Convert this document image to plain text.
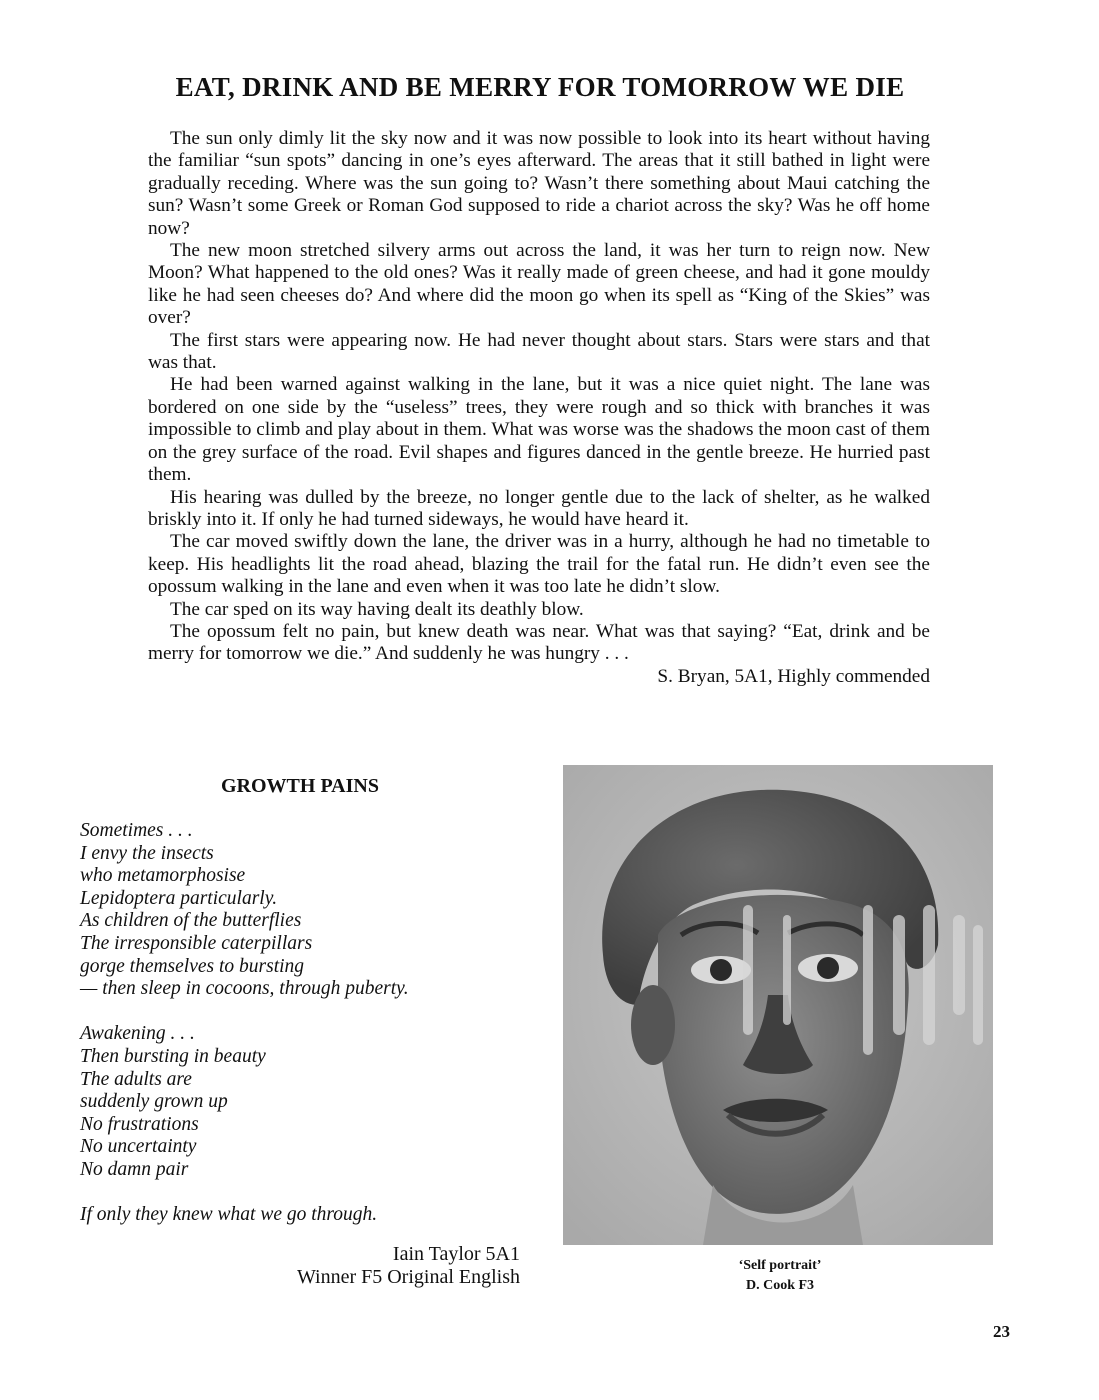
EAT, DRINK AND BE MERRY FOR TOMORROW WE DIE

The sun only dimly lit the sky now and it was now possible to look into its heart without having the familiar “sun spots” dancing in one’s eyes afterward. The areas that it still bathed in light were gradually receding. Where was the sun going to? Wasn’t there something about Maui catching the sun? Wasn’t some Greek or Roman God supposed to ride a chariot across the sky? Was he off home now?

The new moon stretched silvery arms out across the land, it was her turn to reign now. New Moon? What happened to the old ones? Was it really made of green cheese, and had it gone mouldy like he had seen cheeses do? And where did the moon go when its spell as “King of the Skies” was over?

The first stars were appearing now. He had never thought about stars. Stars were stars and that was that.

He had been warned against walking in the lane, but it was a nice quiet night. The lane was bordered on one side by the “useless” trees, they were rough and so thick with branches it was impossible to climb and play about in them. What was worse was the shadows the moon cast of them on the grey surface of the road. Evil shapes and figures danced in the gentle breeze. He hurried past them.

His hearing was dulled by the breeze, no longer gentle due to the lack of shelter, as he walked briskly into it. If only he had turned sideways, he would have heard it.

The car moved swiftly down the lane, the driver was in a hurry, although he had no timetable to keep. His headlights lit the road ahead, blazing the trail for the fatal run. He didn’t even see the opossum walking in the lane and even when it was too late he didn’t slow.

The car sped on its way having dealt its deathly blow.

The opossum felt no pain, but knew death was near. What was that saying? “Eat, drink and be merry for tomorrow we die.” And suddenly he was hungry . . .

S. Bryan, 5A1, Highly commended

GROWTH PAINS
Sometimes . . .
I envy the insects
who metamorphosise
Lepidoptera particularly.
As children of the butterflies
The irresponsible caterpillars
gorge themselves to bursting
— then sleep in cocoons, through puberty.
Awakening . . .
Then bursting in beauty
The adults are
suddenly grown up
No frustrations
No uncertainty
No damn pair
If only they knew what we go through.
Iain Taylor 5A1
Winner F5 Original English
‘Self portrait’
D. Cook F3
23
